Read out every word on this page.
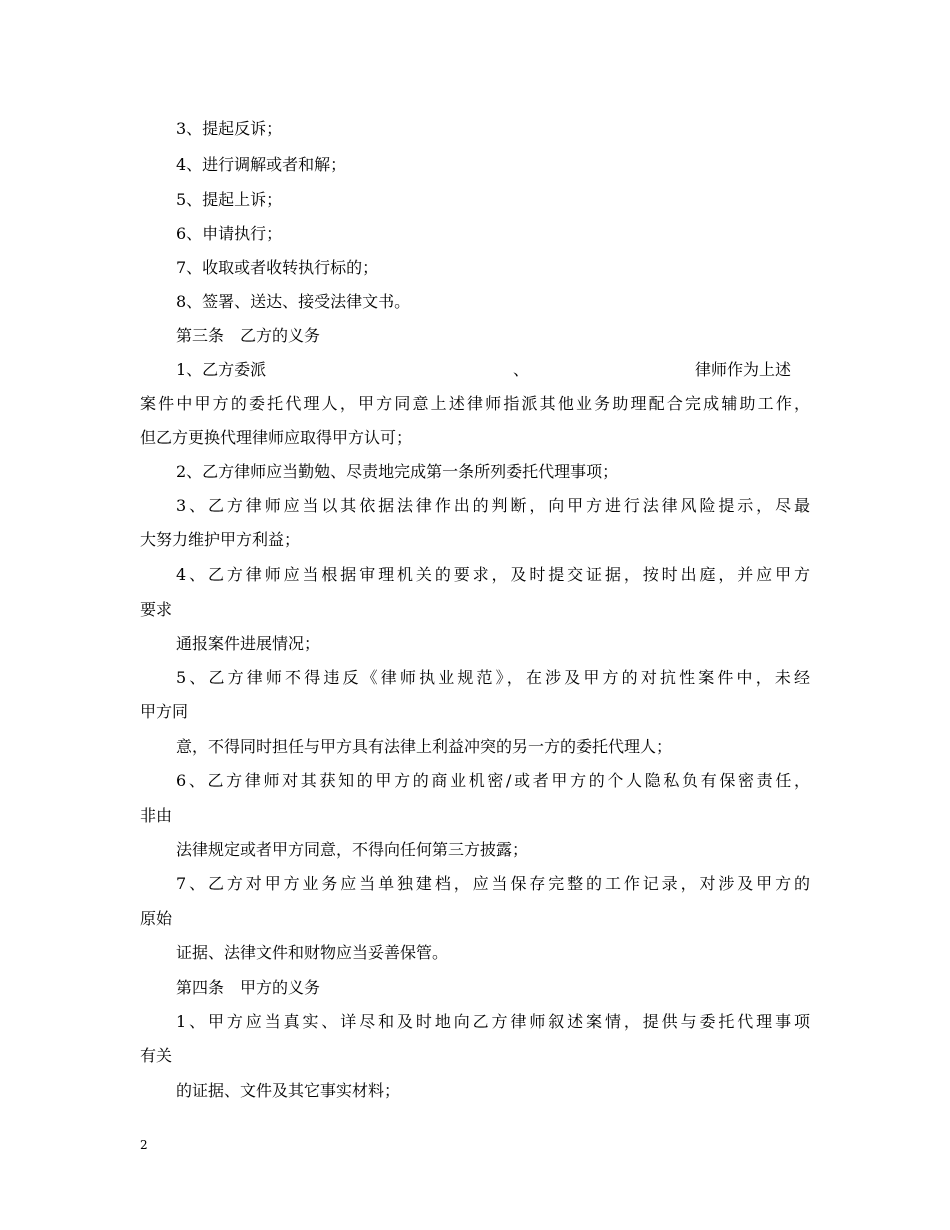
3、提起反诉；
4、进行调解或者和解；
5、提起上诉；
6、申请执行；
7、收取或者收转执行标的；
8、签署、送达、接受法律文书。
第三条　乙方的义务
1、乙方委派	、	律师作为上述
案件中甲方的委托代理人，甲方同意上述律师指派其他业务助理配合完成辅助工作，
但乙方更换代理律师应取得甲方认可；
2、乙方律师应当勤勉、尽责地完成第一条所列委托代理事项；
3、乙方律师应当以其依据法律作出的判断，向甲方进行法律风险提示，尽最
大努力维护甲方利益；
4、乙方律师应当根据审理机关的要求，及时提交证据，按时出庭，并应甲方
要求
通报案件进展情况；
5、乙方律师不得违反《律师执业规范》，在涉及甲方的对抗性案件中，未经
甲方同
意，不得同时担任与甲方具有法律上利益冲突的另一方的委托代理人；
6、乙方律师对其获知的甲方的商业机密/或者甲方的个人隐私负有保密责任，
非由
法律规定或者甲方同意，不得向任何第三方披露；
7、乙方对甲方业务应当单独建档，应当保存完整的工作记录，对涉及甲方的
原始
证据、法律文件和财物应当妥善保管。
第四条　甲方的义务
1、甲方应当真实、详尽和及时地向乙方律师叙述案情，提供与委托代理事项
有关
的证据、文件及其它事实材料；
2
